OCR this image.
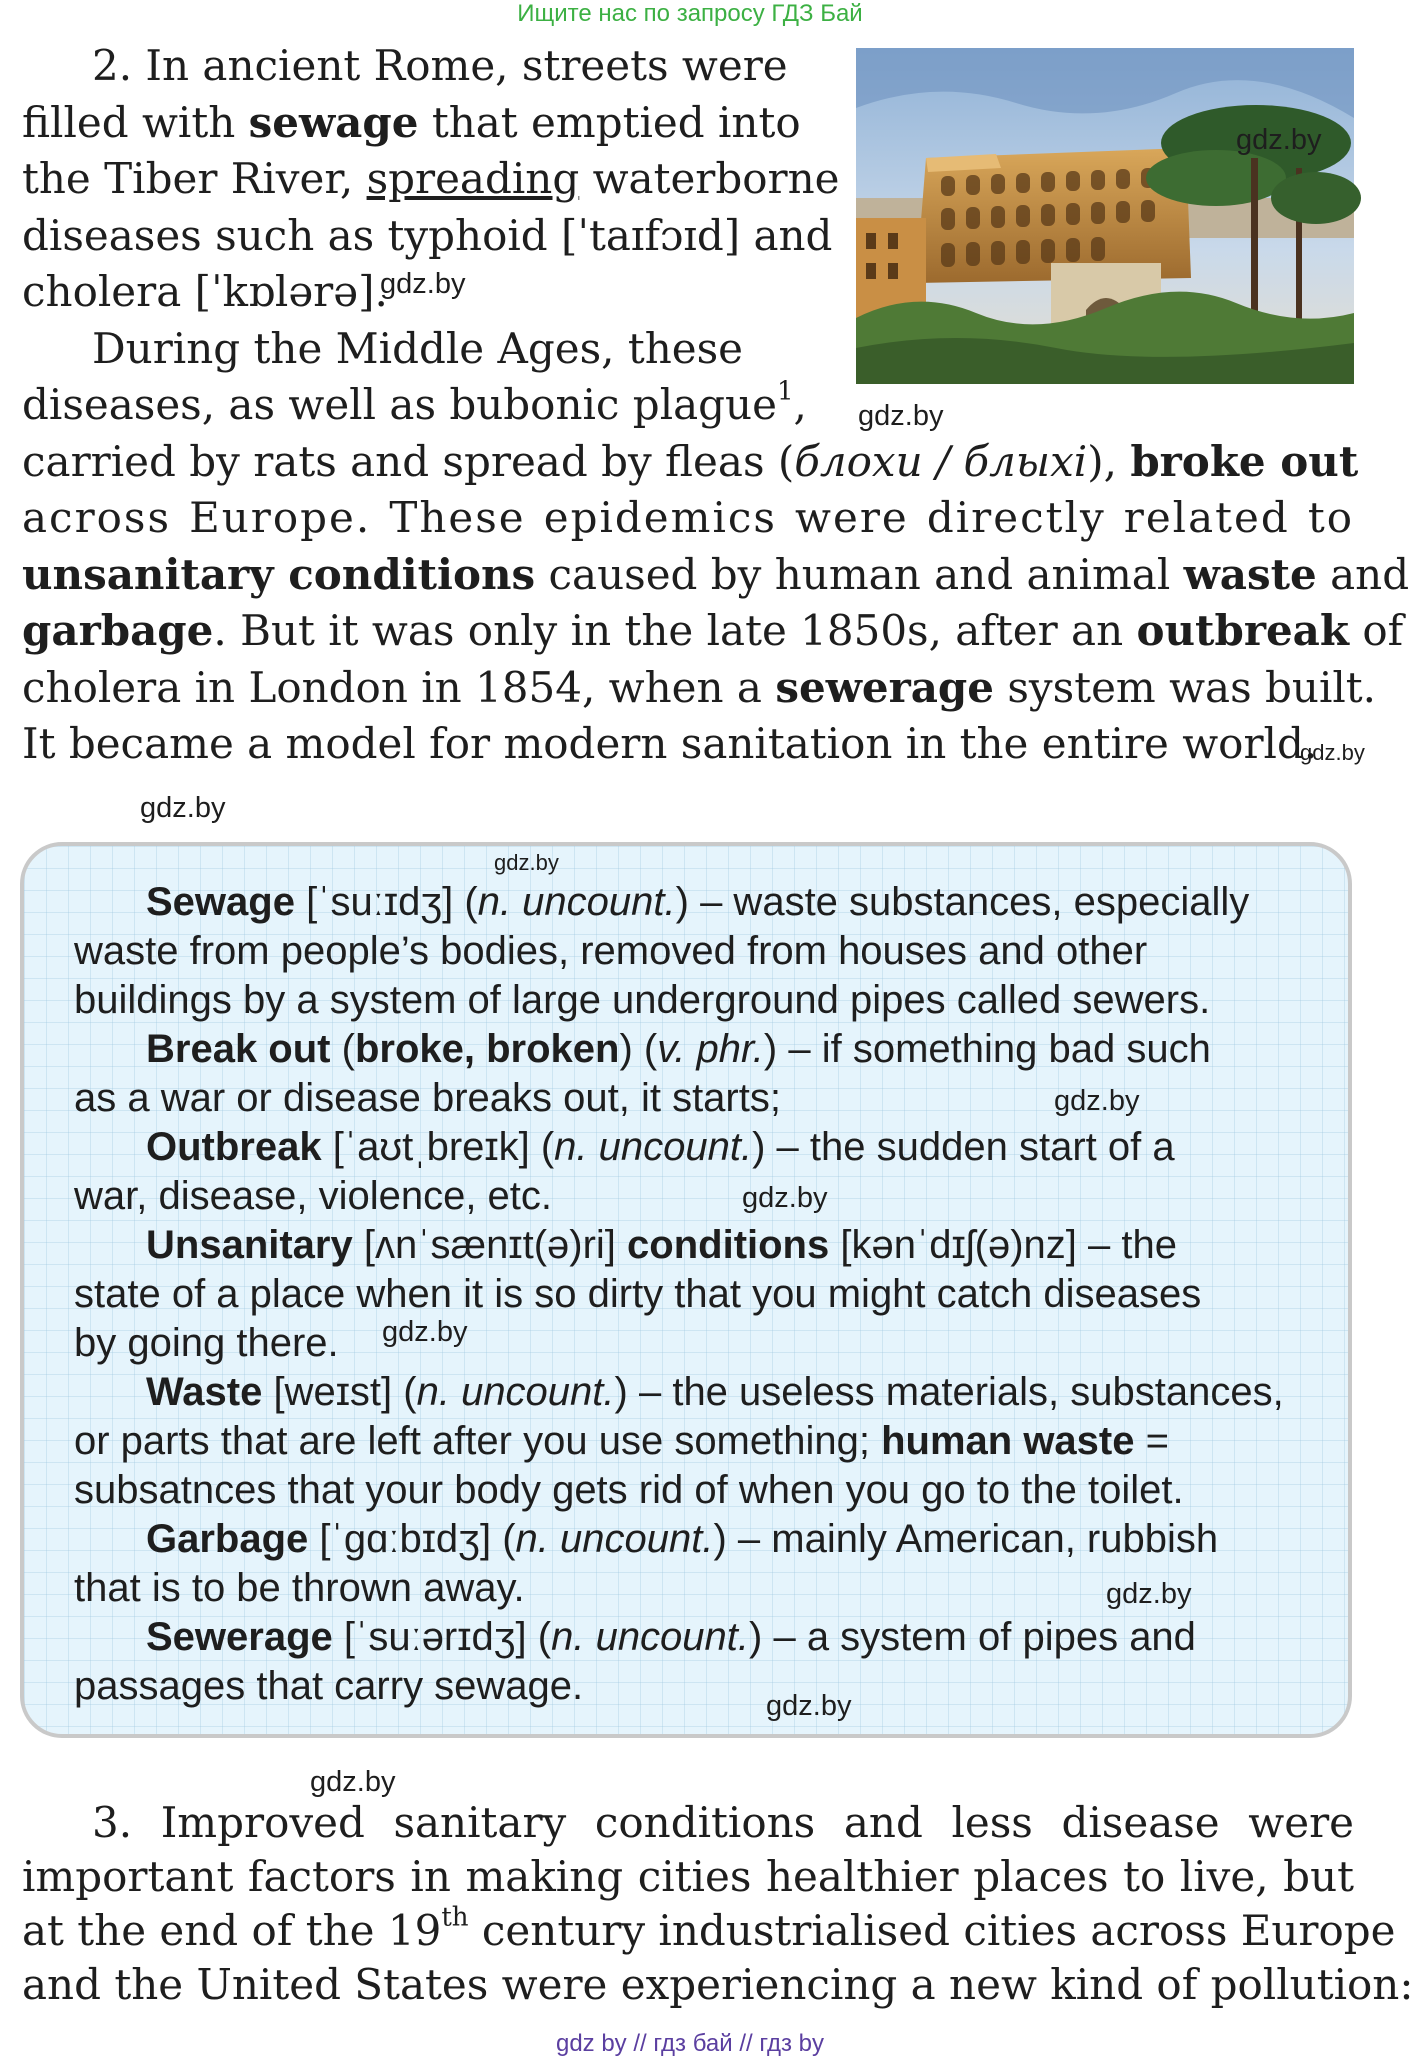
Ищите нас по запросу ГДЗ Бай
gdz.by
2. In ancient Rome, streets were
filled with sewage that emptied into
the Tiber River, spreading waterborne
diseases such as typhoid [ˈtaɪfɔɪd] and
cholera [ˈkɒlərə].
During the Middle Ages, these
diseases, as well as bubonic plague$^1$,
carried by rats and spread by fleas (блохи / блыхі), broke out
across Europe. These epidemics were directly related to
unsanitary conditions caused by human and animal waste and
garbage. But it was only in the late 1850s, after an outbreak of
cholera in London in 1854, when a sewerage system was built.
It became a model for modern sanitation in the entire world.
gdz.by
gdz.by
gdz.by
gdz.by
gdz.by
Sewage [ˈsuːɪdʒ] (n. uncount.) – waste substances, especially
waste from people’s bodies, removed from houses and other
buildings by a system of large underground pipes called sewers.
Break out (broke, broken) (v. phr.) – if something bad such
as a war or disease breaks out, it starts;	gdz.by
Outbreak [ˈaʊtˌbreɪk] (n. uncount.) – the sudden start of a
war, disease, violence, etc.	gdz.by
Unsanitary [ʌnˈsænɪt(ə)ri] conditions [kənˈdɪʃ(ə)nz] – the
state of a place when it is so dirty that you might catch diseases
by going there.	gdz.by
Waste [weɪst] (n. uncount.) – the useless materials, substances,
or parts that are left after you use something; human waste =
subsatnces that your body gets rid of when you go to the toilet.
Garbage [ˈɡɑːbɪdʒ] (n. uncount.) – mainly American, rubbish
that is to be thrown away.	gdz.by
Sewerage [ˈsuːərɪdʒ] (n. uncount.) – a system of pipes and
passages that carry sewage.	gdz.by
gdz.by
3. Improved sanitary conditions and less disease were
important factors in making cities healthier places to live, but
at the end of the 19th century industrialised cities across Europe
and the United States were experiencing a new kind of pollution:
gdz by // гдз бай // гдз by
